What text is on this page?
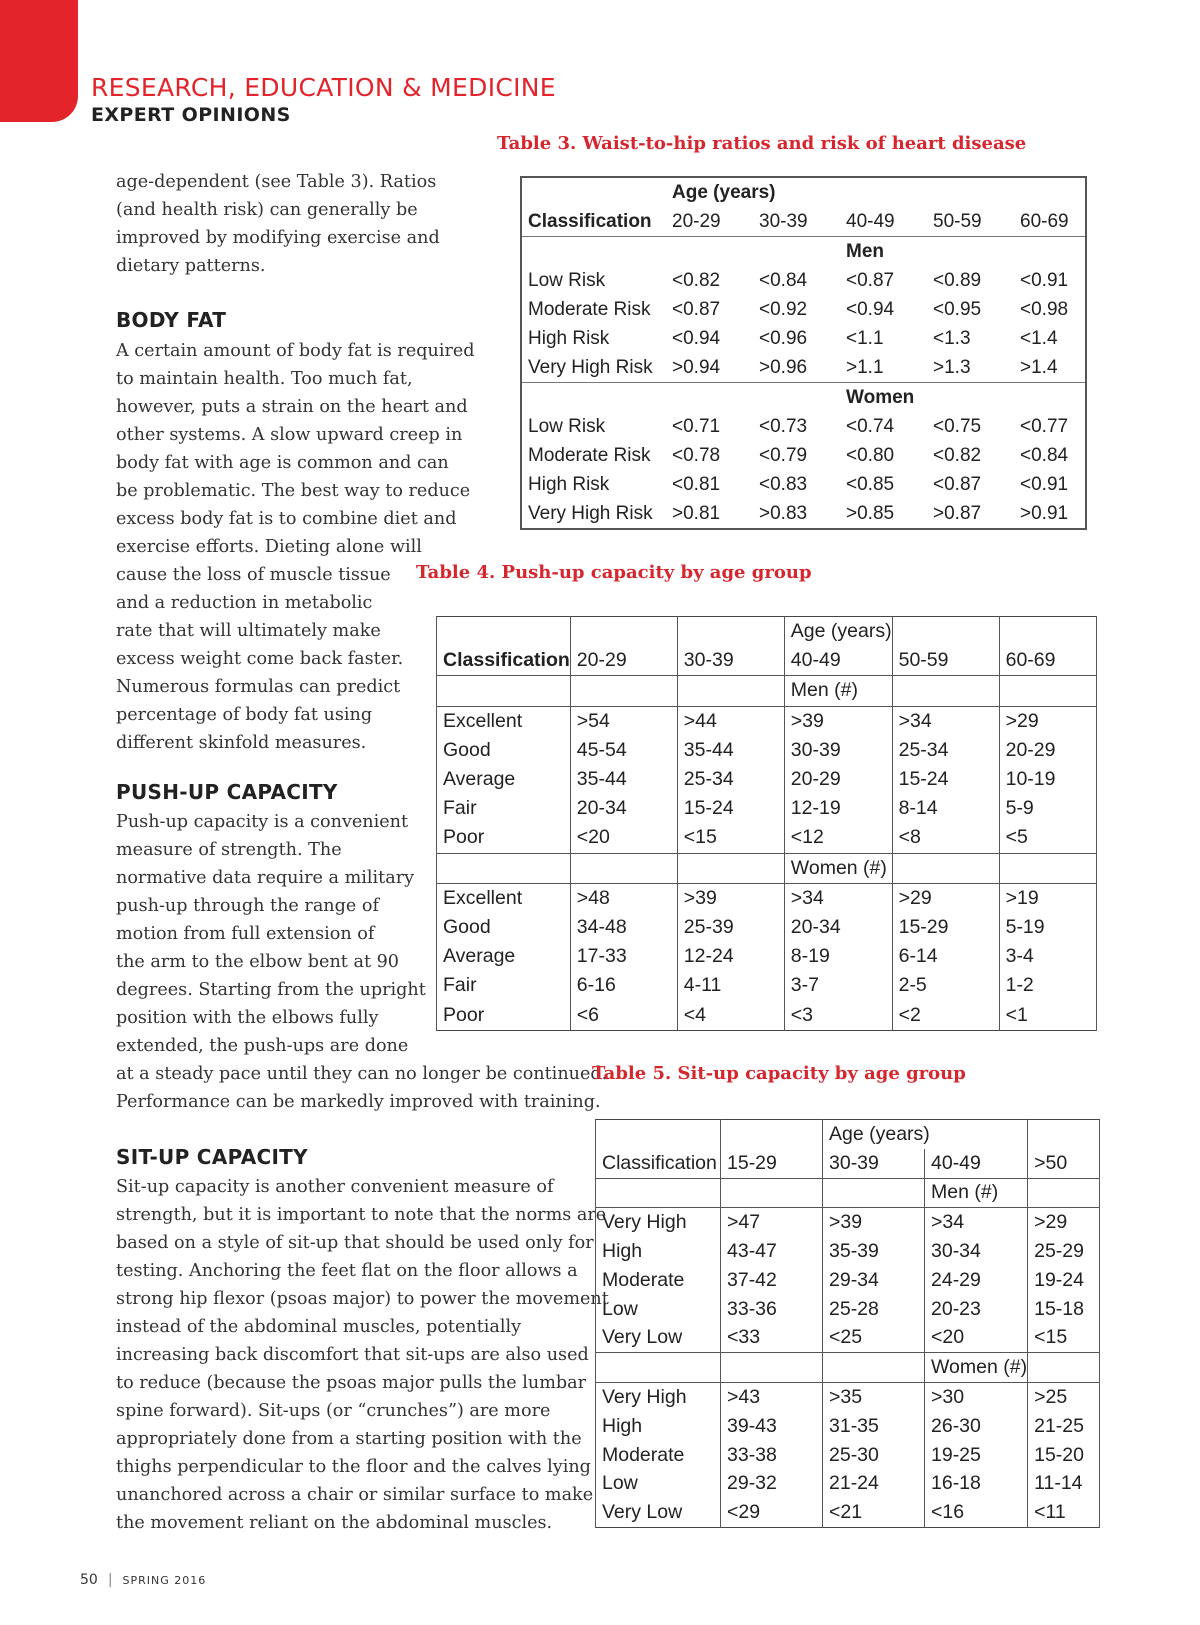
RESEARCH, EDUCATION & MEDICINE
EXPERT OPINIONS
age-dependent (see Table 3). Ratios
(and health risk) can generally be
improved by modifying exercise and
dietary patterns.
BODY FAT
A certain amount of body fat is required
to maintain health. Too much fat,
however, puts a strain on the heart and
other systems. A slow upward creep in
body fat with age is common and can
be problematic. The best way to reduce
excess body fat is to combine diet and
exercise efforts. Dieting alone will
cause the loss of muscle tissue
and a reduction in metabolic
rate that will ultimately make
excess weight come back faster.
Numerous formulas can predict
percentage of body fat using
different skinfold measures.
PUSH-UP CAPACITY
Push-up capacity is a convenient
measure of strength. The
normative data require a military
push-up through the range of
motion from full extension of
the arm to the elbow bent at 90
degrees. Starting from the upright
position with the elbows fully
extended, the push-ups are done
at a steady pace until they can no longer be continued.
Performance can be markedly improved with training.
SIT-UP CAPACITY
Sit-up capacity is another convenient measure of
strength, but it is important to note that the norms are
based on a style of sit-up that should be used only for
testing. Anchoring the feet flat on the floor allows a
strong hip flexor (psoas major) to power the movement
instead of the abdominal muscles, potentially
increasing back discomfort that sit-ups are also used
to reduce (because the psoas major pulls the lumbar
spine forward). Sit-ups (or “crunches”) are more
appropriately done from a starting position with the
thighs perpendicular to the floor and the calves lying
unanchored across a chair or similar surface to make
the movement reliant on the abdominal muscles.
Table 3. Waist-to-hip ratios and risk of heart disease
	Age (years)				
Classification	20-29	30-39	40-49	50-59	60-69
			Men		
Low Risk	<0.82	<0.84	<0.87	<0.89	<0.91
Moderate Risk	<0.87	<0.92	<0.94	<0.95	<0.98
High Risk	<0.94	<0.96	<1.1	<1.3	<1.4
Very High Risk	>0.94	>0.96	>1.1	>1.3	>1.4
			Women		
Low Risk	<0.71	<0.73	<0.74	<0.75	<0.77
Moderate Risk	<0.78	<0.79	<0.80	<0.82	<0.84
High Risk	<0.81	<0.83	<0.85	<0.87	<0.91
Very High Risk	>0.81	>0.83	>0.85	>0.87	>0.91
Table 4. Push-up capacity by age group
			Age (years)		
Classification	20-29	30-39	40-49	50-59	60-69
			Men (#)		
Excellent	>54	>44	>39	>34	>29
Good	45-54	35-44	30-39	25-34	20-29
Average	35-44	25-34	20-29	15-24	10-19
Fair	20-34	15-24	12-19	8-14	5-9
Poor	<20	<15	<12	<8	<5
			Women (#)		
Excellent	>48	>39	>34	>29	>19
Good	34-48	25-39	20-34	15-29	5-19
Average	17-33	12-24	8-19	6-14	3-4
Fair	6-16	4-11	3-7	2-5	1-2
Poor	<6	<4	<3	<2	<1
Table 5. Sit-up capacity by age group
		Age (years)		
Classification	15-29	30-39	40-49	>50
			Men (#)	
Very High	>47	>39	>34	>29
High	43-47	35-39	30-34	25-29
Moderate	37-42	29-34	24-29	19-24
Low	33-36	25-28	20-23	15-18
Very Low	<33	<25	<20	<15
			Women (#)	
Very High	>43	>35	>30	>25
High	39-43	31-35	26-30	21-25
Moderate	33-38	25-30	19-25	15-20
Low	29-32	21-24	16-18	11-14
Very Low	<29	<21	<16	<11
50 | SPRING 2016
